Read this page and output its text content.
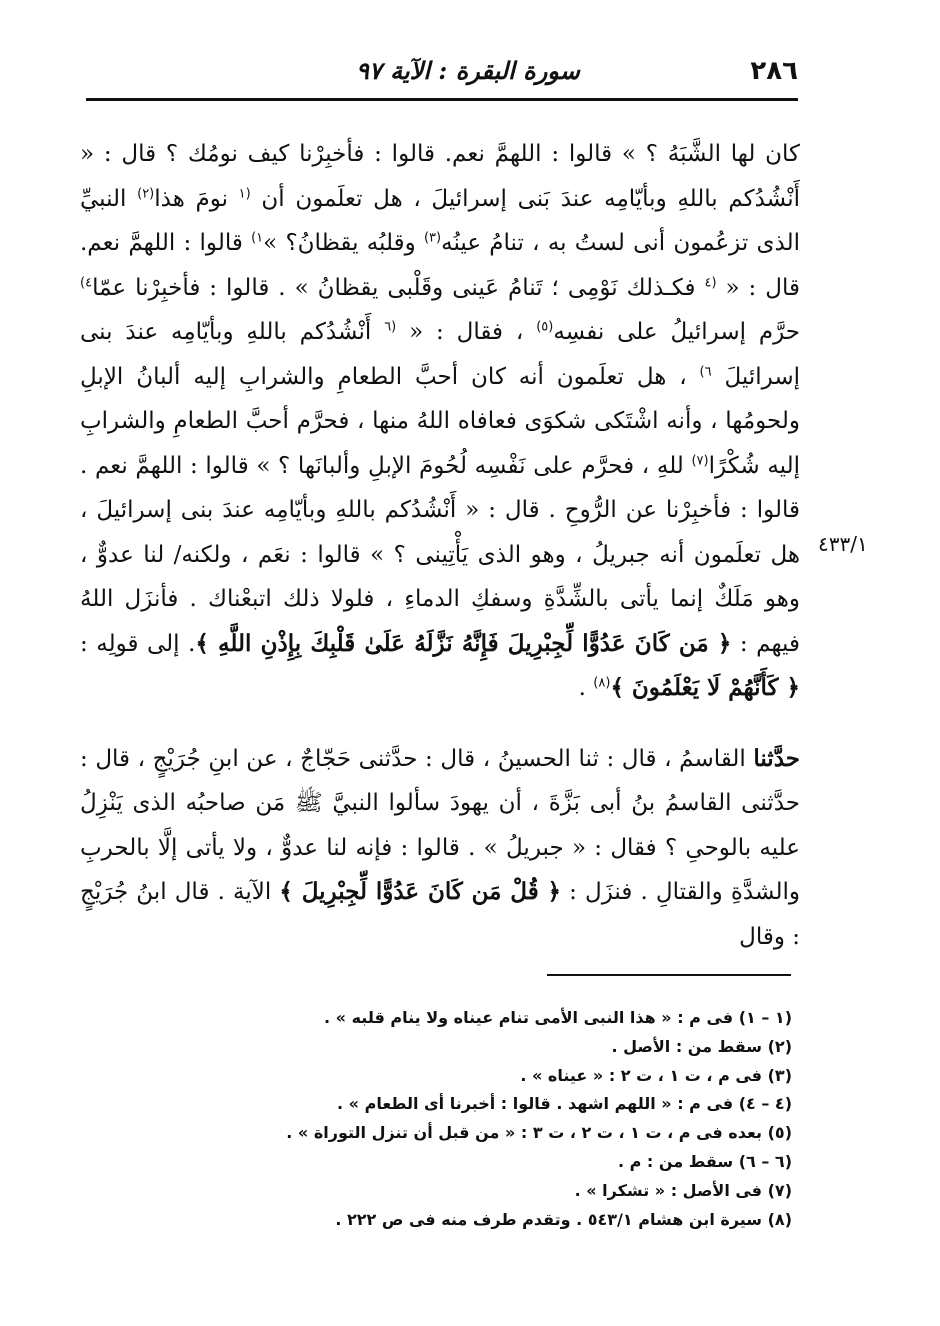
٢٨٦
سورة البقرة : الآية ٩٧
٤٣٣/١

كان لها الشَّبَهُ ؟ » قالوا : اللهمَّ نعم. قالوا : فأخبِرْنا كيف نومُك ؟ قال : « أَنْشُدُكم باللهِ وبأيّامِه عندَ بَنى إسرائيلَ ، هل تعلَمون أن $^{(١}$ نومَ هذا$^{(٢)}$ النبيِّ الذى تزعُمون أنى لستُ به ، تنامُ عينُه$^{(٣)}$ وقلبُه يقظانُ؟ »$^{١)}$ قالوا : اللهمَّ نعم. قال : « $^{(٤}$ فكـذلك نَوْمِى ؛ تَنامُ عَينى وقَلْبى يقظانُ » . قالوا : فأخبِرْنا عمّا$^{٤)}$ حرَّم إسرائيلُ على نفسِه$^{(٥)}$ ، فقال : « $^{(٦}$ أَنْشُدُكم باللهِ وبأيّامِه عندَ بنى إسرائيلَ $^{٦)}$ ، هل تعلَمون أنه كان أحبَّ الطعامِ والشرابِ إليه ألبانُ الإبلِ ولحومُها ، وأنه اشْتَكى شكوَى فعافاه اللهُ منها ، فحرَّم أحبَّ الطعامِ والشرابِ إليه شُكْرًا$^{(٧)}$ للهِ ، فحرَّم على نَفْسِه لُحُومَ الإبلِ وألبانَها ؟ » قالوا : اللهمَّ نعم . قالوا : فأخبِرْنا عن الرُّوحِ . قال : « أَنْشُدُكم باللهِ وبأيّامِه عندَ بنى إسرائيلَ ، هل تعلَمون أنه جبريلُ ، وهو الذى يَأْتِينى ؟ » قالوا : نعَم ، ولكنه/ لنا عدوٌّ ، وهو مَلَكٌ إنما يأتى بالشِّدَّةِ وسفكِ الدماءِ ، فلولا ذلك اتبعْناك . فأنزَل اللهُ فيهم : ﴿ مَن كَانَ عَدُوًّا لِّجِبْرِيلَ فَإِنَّهُ نَزَّلَهُ عَلَىٰ قَلْبِكَ بِإِذْنِ اللَّهِ ﴾. إلى قولِه : ﴿ كَأَنَّهُمْ لَا يَعْلَمُونَ ﴾$^{(٨)}$ .

حدَّثنا القاسمُ ، قال : ثنا الحسينُ ، قال : حدَّثنى حَجّاجٌ ، عن ابنِ جُرَيْجٍ ، قال : حدَّثنى القاسمُ بنُ أبى بَزَّةَ ، أن يهودَ سألوا النبيَّ ﷺ مَن صاحبُه الذى يَنْزِلُ عليه بالوحىِ ؟ فقال : « جبريلُ » . قالوا : فإنه لنا عدوٌّ ، ولا يأتى إلَّا بالحربِ والشدَّةِ والقتالِ . فنزَل : ﴿ قُلْ مَن كَانَ عَدُوًّا لِّجِبْرِيلَ ﴾ الآية . قال ابنُ جُرَيْجٍ : وقال

(١ – ١) فى م : « هذا النبى الأمى تنام عيناه ولا ينام قلبه » .
(٢) سقط من : الأصل .
(٣) فى م ، ت ١ ، ت ٢ : « عيناه » .
(٤ – ٤) فى م : « اللهم اشهد . قالوا : أخبرنا أى الطعام » .
(٥) بعده فى م ، ت ١ ، ت ٢ ، ت ٣ : « من قبل أن تنزل التوراة » .
(٦ – ٦) سقط من : م .
(٧) فى الأصل : « تشكرا » .
(٨) سيرة ابن هشام ٥٤٣/١ . وتقدم طرف منه فى ص ٢٢٢ .
